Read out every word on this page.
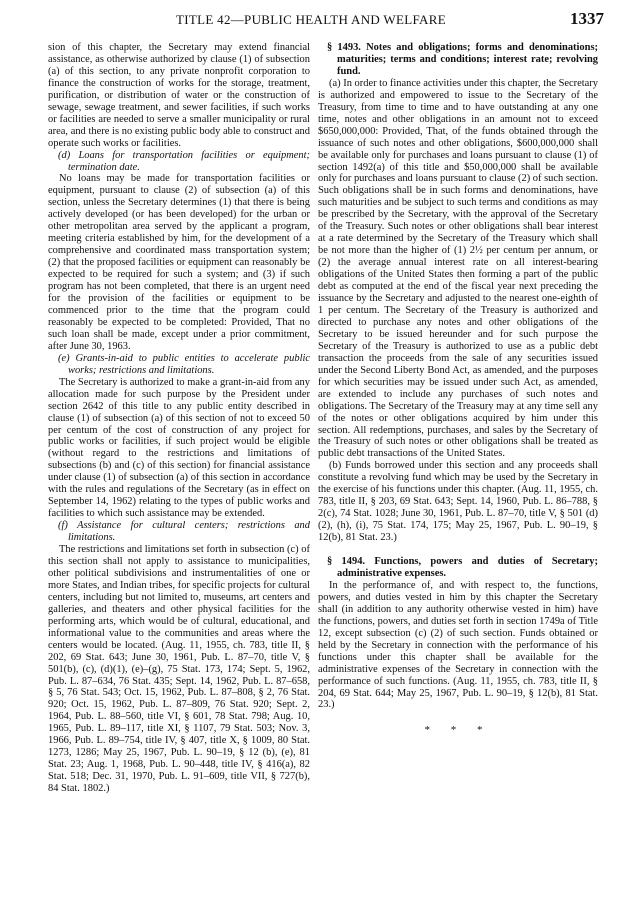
TITLE 42—PUBLIC HEALTH AND WELFARE	1337

sion of this chapter, the Secretary may extend financial assistance, as otherwise authorized by clause (1) of subsection (a) of this section, to any private nonprofit corporation to finance the construction of works for the storage, treatment, purification, or distribution of water or the construction of sewage, sewage treatment, and sewer facilities, if such works or facilities are needed to serve a smaller municipality or rural area, and there is no existing public body able to construct and operate such works or facilities.

(d) Loans for transportation facilities or equipment; termination date.

No loans may be made for transportation facilities or equipment, pursuant to clause (2) of subsection (a) of this section, unless the Secretary determines (1) that there is being actively developed (or has been developed) for the urban or other metropolitan area served by the applicant a program, meeting criteria established by him, for the development of a comprehensive and coordinated mass transportation system; (2) that the proposed facilities or equipment can reasonably be expected to be required for such a system; and (3) if such program has not been completed, that there is an urgent need for the provision of the facilities or equipment to be commenced prior to the time that the program could reasonably be expected to be completed: Provided, That no such loan shall be made, except under a prior commitment, after June 30, 1963.

(e) Grants-in-aid to public entities to accelerate public works; restrictions and limitations.

The Secretary is authorized to make a grant-in-aid from any allocation made for such purpose by the President under section 2642 of this title to any public entity described in clause (1) of subsection (a) of this section of not to exceed 50 per centum of the cost of construction of any project for public works or facilities, if such project would be eligible (without regard to the restrictions and limitations of subsections (b) and (c) of this section) for financial assistance under clause (1) of subsection (a) of this section in accordance with the rules and regulations of the Secretary (as in effect on September 14, 1962) relating to the types of public works and facilities to which such assistance may be extended.

(f) Assistance for cultural centers; restrictions and limitations.

The restrictions and limitations set forth in subsection (c) of this section shall not apply to assistance to municipalities, other political subdivisions and instrumentalities of one or more States, and Indian tribes, for specific projects for cultural centers, including but not limited to, museums, art centers and galleries, and theaters and other physical facilities for the performing arts, which would be of cultural, educational, and informational value to the communities and areas where the centers would be located. (Aug. 11, 1955, ch. 783, title II, § 202, 69 Stat. 643; June 30, 1961, Pub. L. 87–70, title V, § 501(b), (c), (d)(1), (e)–(g), 75 Stat. 173, 174; Sept. 5, 1962, Pub. L. 87–634, 76 Stat. 435; Sept. 14, 1962, Pub. L. 87–658, § 5, 76 Stat. 543; Oct. 15, 1962, Pub. L. 87–808, § 2, 76 Stat. 920; Oct. 15, 1962, Pub. L. 87–809, 76 Stat. 920; Sept. 2, 1964, Pub. L. 88–560, title VI, § 601, 78 Stat. 798; Aug. 10, 1965, Pub. L. 89–117, title XI, § 1107, 79 Stat. 503; Nov. 3, 1966, Pub. L. 89–754, title IV, § 407, title X, § 1009, 80 Stat. 1273, 1286; May 25, 1967, Pub. L. 90–19, § 12 (b), (e), 81 Stat. 23; Aug. 1, 1968, Pub. L. 90–448, title IV, § 416(a), 82 Stat. 518; Dec. 31, 1970, Pub. L. 91–609, title VII, § 727(b), 84 Stat. 1802.)

§ 1493. Notes and obligations; forms and denominations; maturities; terms and conditions; interest rate; revolving fund.

(a) In order to finance activities under this chapter, the Secretary is authorized and empowered to issue to the Secretary of the Treasury, from time to time and to have outstanding at any one time, notes and other obligations in an amount not to exceed $650,000,000: Provided, That, of the funds obtained through the issuance of such notes and other obligations, $600,000,000 shall be available only for purchases and loans pursuant to clause (1) of section 1492(a) of this title and $50,000,000 shall be available only for purchases and loans pursuant to clause (2) of such section. Such obligations shall be in such forms and denominations, have such maturities and be subject to such terms and conditions as may be prescribed by the Secretary, with the approval of the Secretary of the Treasury. Such notes or other obligations shall bear interest at a rate determined by the Secretary of the Treasury which shall be not more than the higher of (1) 2½ per centum per annum, or (2) the average annual interest rate on all interest-bearing obligations of the United States then forming a part of the public debt as computed at the end of the fiscal year next preceding the issuance by the Secretary and adjusted to the nearest one-eighth of 1 per centum. The Secretary of the Treasury is authorized and directed to purchase any notes and other obligations of the Secretary to be issued hereunder and for such purpose the Secretary of the Treasury is authorized to use as a public debt transaction the proceeds from the sale of any securities issued under the Second Liberty Bond Act, as amended, and the purposes for which securities may be issued under such Act, as amended, are extended to include any purchases of such notes and obligations. The Secretary of the Treasury may at any time sell any of the notes or other obligations acquired by him under this section. All redemptions, purchases, and sales by the Secretary of the Treasury of such notes or other obligations shall be treated as public debt transactions of the United States.

(b) Funds borrowed under this section and any proceeds shall constitute a revolving fund which may be used by the Secretary in the exercise of his functions under this chapter. (Aug. 11, 1955, ch. 783, title II, § 203, 69 Stat. 643; Sept. 14, 1960, Pub. L. 86–788, § 2(c), 74 Stat. 1028; June 30, 1961, Pub. L. 87–70, title V, § 501 (d) (2), (h), (i), 75 Stat. 174, 175; May 25, 1967, Pub. L. 90–19, § 12(b), 81 Stat. 23.)

§ 1494. Functions, powers and duties of Secretary; administrative expenses.

In the performance of, and with respect to, the functions, powers, and duties vested in him by this chapter the Secretary shall (in addition to any authority otherwise vested in him) have the functions, powers, and duties set forth in section 1749a of Title 12, except subsection (c) (2) of such section. Funds obtained or held by the Secretary in connection with the performance of his functions under this chapter shall be available for the administrative expenses of the Secretary in connection with the performance of such functions. (Aug. 11, 1955, ch. 783, title II, § 204, 69 Stat. 644; May 25, 1967, Pub. L. 90–19, § 12(b), 81 Stat. 23.)

* * *
